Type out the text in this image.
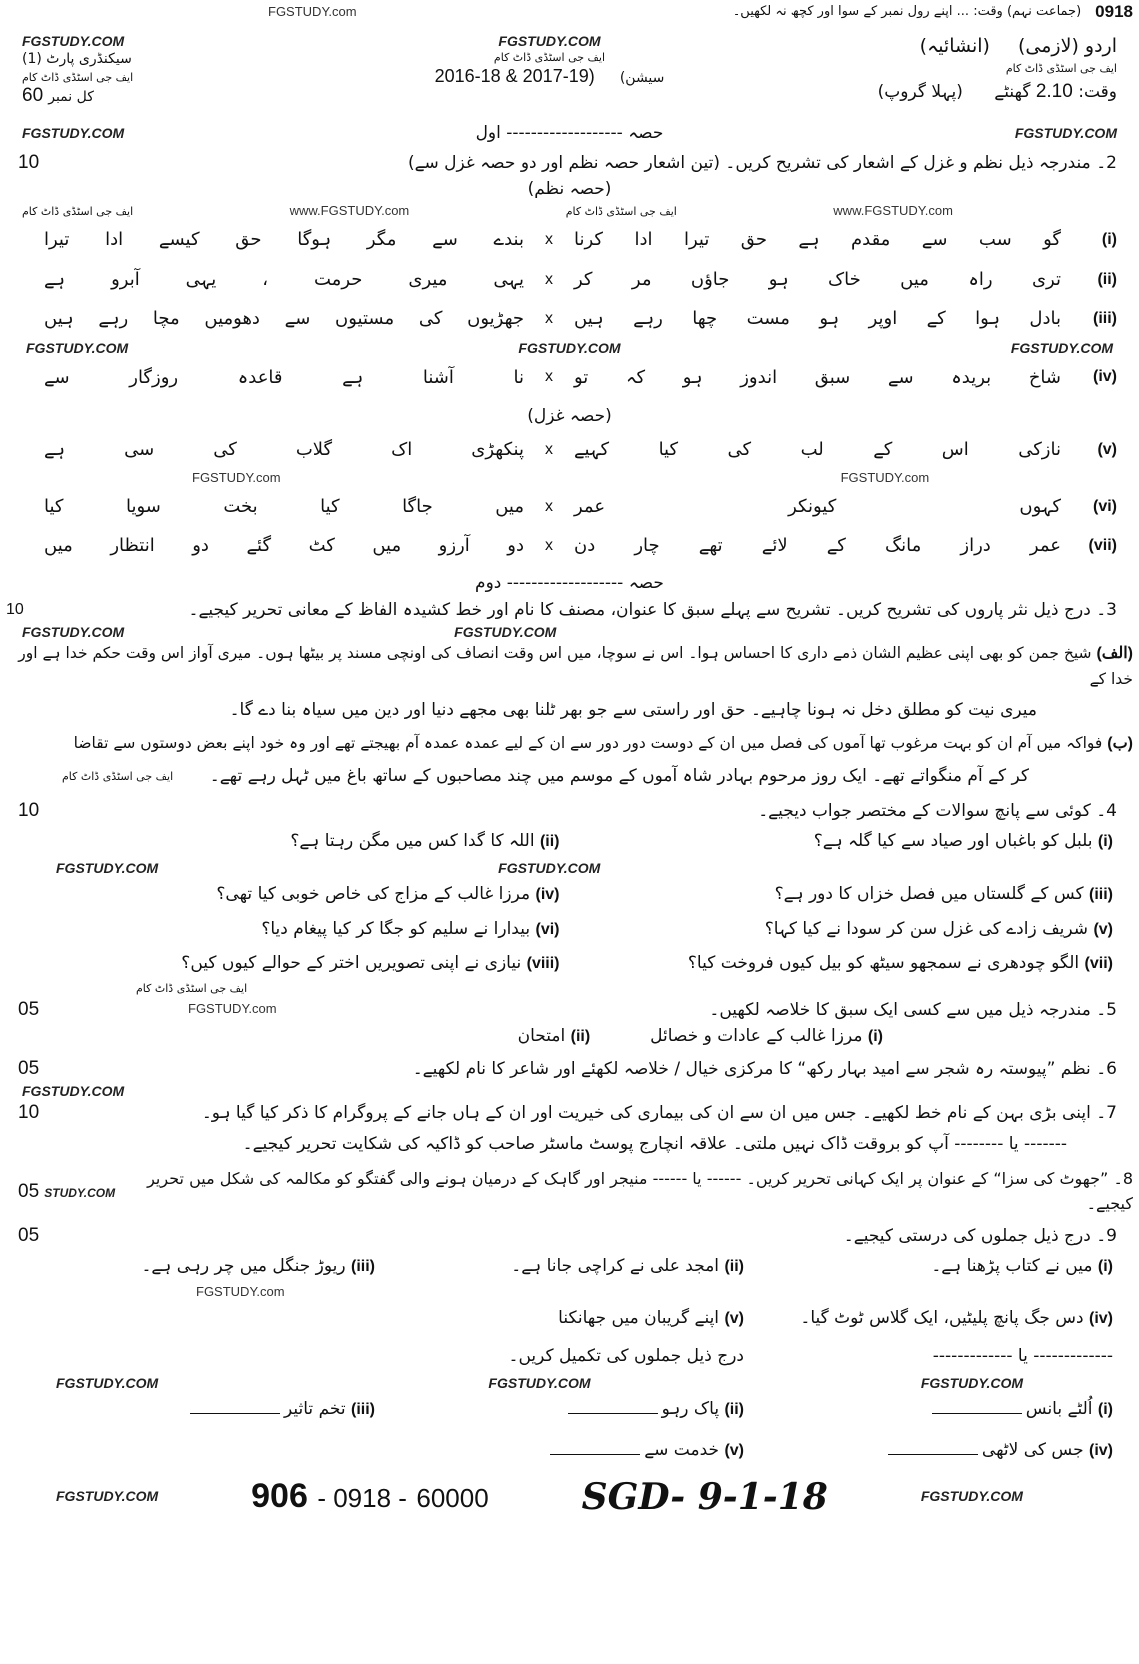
FGSTUDY.com	(جماعت نہم) وقت: ... اپنے رول نمبر کے سوا اور کچھ نہ لکھیں۔ 0918
FGSTUDY.COM
سیکنڈری پارٹ (1)
ایف جی اسٹڈی ڈاٹ کام
60 کل نمبر
FGSTUDY.COM
ایف جی اسٹڈی ڈاٹ کام
2016-18 & 2017-19) (سیشن
اردو (لازمی) (انشائیہ)
ایف جی اسٹڈی ڈاٹ کام
وقت: 2.10 گھنٹے (پہلا گروپ)
FGSTUDY.COM	حصہ ------------------- اول	FGSTUDY.COM
10	2۔ مندرجہ ذیل نظم و غزل کے اشعار کی تشریح کریں۔ (تین اشعار حصہ نظم اور دو حصہ غزل سے)
(حصہ نظم)
ایف جی اسٹڈی ڈاٹ کام	www.FGSTUDY.com	ایف جی اسٹڈی ڈاٹ کام	www.FGSTUDY.com
بندے سے مگر ہوگا حق کیسے ادا تیرا	x	گو سب سے مقدم ہے حق تیرا ادا کرنا	(i)
یہی میری حرمت ، یہی آبرو ہے	x	تری راہ میں خاک ہو جاؤں مر کر	(ii)
جھڑیوں کی مستیوں سے دھومیں مچا رہے ہیں	x	بادل ہوا کے اوپر ہو مست چھا رہے ہیں	(iii)
FGSTUDY.COM	FGSTUDY.COM	FGSTUDY.COM
نا آشنا ہے قاعدہ روزگار سے	x	شاخ بریدہ سے سبق اندوز ہو کہ تو	(iv)
(حصہ غزل)
پنکھڑی اک گلاب کی سی ہے	x	نازکی اس کے لب کی کیا کہیے	(v)
FGSTUDY.com	FGSTUDY.com
میں جاگا کیا بخت سویا کیا	x	کہوں کیونکر عمر	(vi)
دو آرزو میں کٹ گئے دو انتظار میں	x	عمر دراز مانگ کے لائے تھے چار دن	(vii)
حصہ ------------------- دوم
10	3۔ درج ذیل نثر پاروں کی تشریح کریں۔ تشریح سے پہلے سبق کا عنوان، مصنف کا نام اور خط کشیدہ الفاظ کے معانی تحریر کیجیے۔
FGSTUDY.COM	FGSTUDY.COM
(الف) شیخ جمن کو بھی اپنی عظیم الشان ذمے داری کا احساس ہوا۔ اس نے سوچا، میں اس وقت انصاف کی اونچی مسند پر بیٹھا ہوں۔ میری آواز اس وقت حکم خدا ہے اور خدا کے
میری نیت کو مطلق دخل نہ ہونا چاہیے۔ حق اور راستی سے جو بھر ٹلنا بھی مجھے دنیا اور دین میں سیاہ بنا دے گا۔
(ب) فواکہ میں آم ان کو بہت مرغوب تھا آموں کی فصل میں ان کے دوست دور دور سے ان کے لیے عمدہ عمدہ آم بھیجتے تھے اور وہ خود اپنے بعض دوستوں سے تقاضا
ایف جی اسٹڈی ڈاٹ کام	کر کے آم منگواتے تھے۔ ایک روز مرحوم بہادر شاہ آموں کے موسم میں چند مصاحبوں کے ساتھ باغ میں ٹہل رہے تھے۔
10	4۔ کوئی سے پانچ سوالات کے مختصر جواب دیجیے۔
(i) بلبل کو باغباں اور صیاد سے کیا گلہ ہے؟
(ii) اللہ کا گدا کس میں مگن رہتا ہے؟
FGSTUDY.COM	FGSTUDY.COM
(iii) کس کے گلستاں میں فصل خزاں کا دور ہے؟
(iv) مرزا غالب کے مزاج کی خاص خوبی کیا تھی؟
(v) شریف زادے کی غزل سن کر سودا نے کیا کہا؟
(vi) بیدارا نے سلیم کو جگا کر کیا پیغام دیا؟
(vii) الگو چودھری نے سمجھو سیٹھ کو بیل کیوں فروخت کیا؟
(viii) نیازی نے اپنی تصویریں اختر کے حوالے کیوں کیں؟
ایف جی اسٹڈی ڈاٹ کام
05	FGSTUDY.com	5۔ مندرجہ ذیل میں سے کسی ایک سبق کا خلاصہ لکھیں۔
(ii) امتحان	(i) مرزا غالب کے عادات و خصائل
05	6۔ نظم ”پیوستہ رہ شجر سے امید بہار رکھ“ کا مرکزی خیال / خلاصہ لکھئے اور شاعر کا نام لکھیے۔
FGSTUDY.COM
10	7۔ اپنی بڑی بہن کے نام خط لکھیے۔ جس میں ان سے ان کی بیماری کی خیریت اور ان کے ہاں جانے کے پروگرام کا ذکر کیا گیا ہو۔
------- یا -------- آپ کو بروقت ڈاک نہیں ملتی۔ علاقہ انچارج پوسٹ ماسٹر صاحب کو ڈاکیہ کی شکایت تحریر کیجیے۔
05 STUDY.COM
8۔ ”جھوٹ کی سزا“ کے عنوان پر ایک کہانی تحریر کریں۔ ------ یا ------ منیجر اور گاہک کے درمیان ہونے والی گفتگو کو مکالمہ کی شکل میں تحریر کیجیے۔
05	9۔ درج ذیل جملوں کی درستی کیجیے۔
(i) میں نے کتاب پڑھنا ہے۔
(ii) امجد علی نے کراچی جانا ہے۔
(iii) ریوڑ جنگل میں چر رہی ہے۔
FGSTUDY.com
(iv) دس جگ پانچ پلیٹیں، ایک گلاس ٹوٹ گیا۔
(v) اپنے گریبان میں جھانکنا
------------- یا -------------
درج ذیل جملوں کی تکمیل کریں۔
FGSTUDY.COM	FGSTUDY.COM	FGSTUDY.COM
(i) اُلٹے بانس
(ii) پاک رہو
(iii) تخم تاثیر
(iv) جس کی لاٹھی
(v) خدمت سے
FGSTUDY.COM	906 - 0918 - 60000	SGD- 9-1-18	FGSTUDY.COM
